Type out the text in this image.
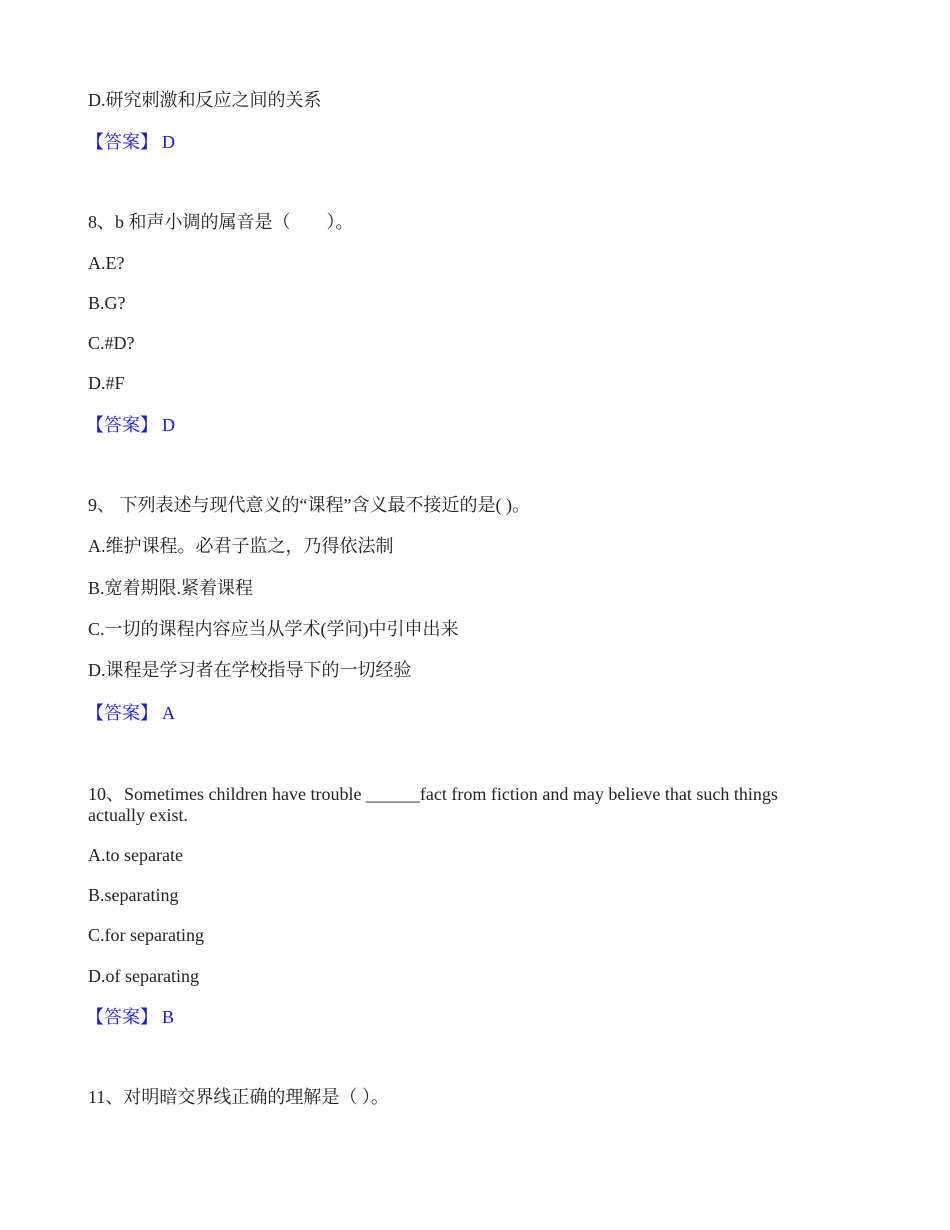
D.研究刺激和反应之间的关系

【答案】 D

8、b 和声小调的属音是（　　）。

A.E?

B.G?

C.#D?

D.#F

【答案】 D

9、 下列表述与现代意义的“课程”含义最不接近的是( )。

A.维护课程。必君子监之，乃得依法制

B.宽着期限.紧着课程

C.一切的课程内容应当从学术(学问)中引申出来

D.课程是学习者在学校指导下的一切经验

【答案】 A

10、Sometimes children have trouble ______fact from fiction and may believe that such things actually exist.

A.to separate

B.separating

C.for separating

D.of separating

【答案】 B

11、对明暗交界线正确的理解是（ ）。
